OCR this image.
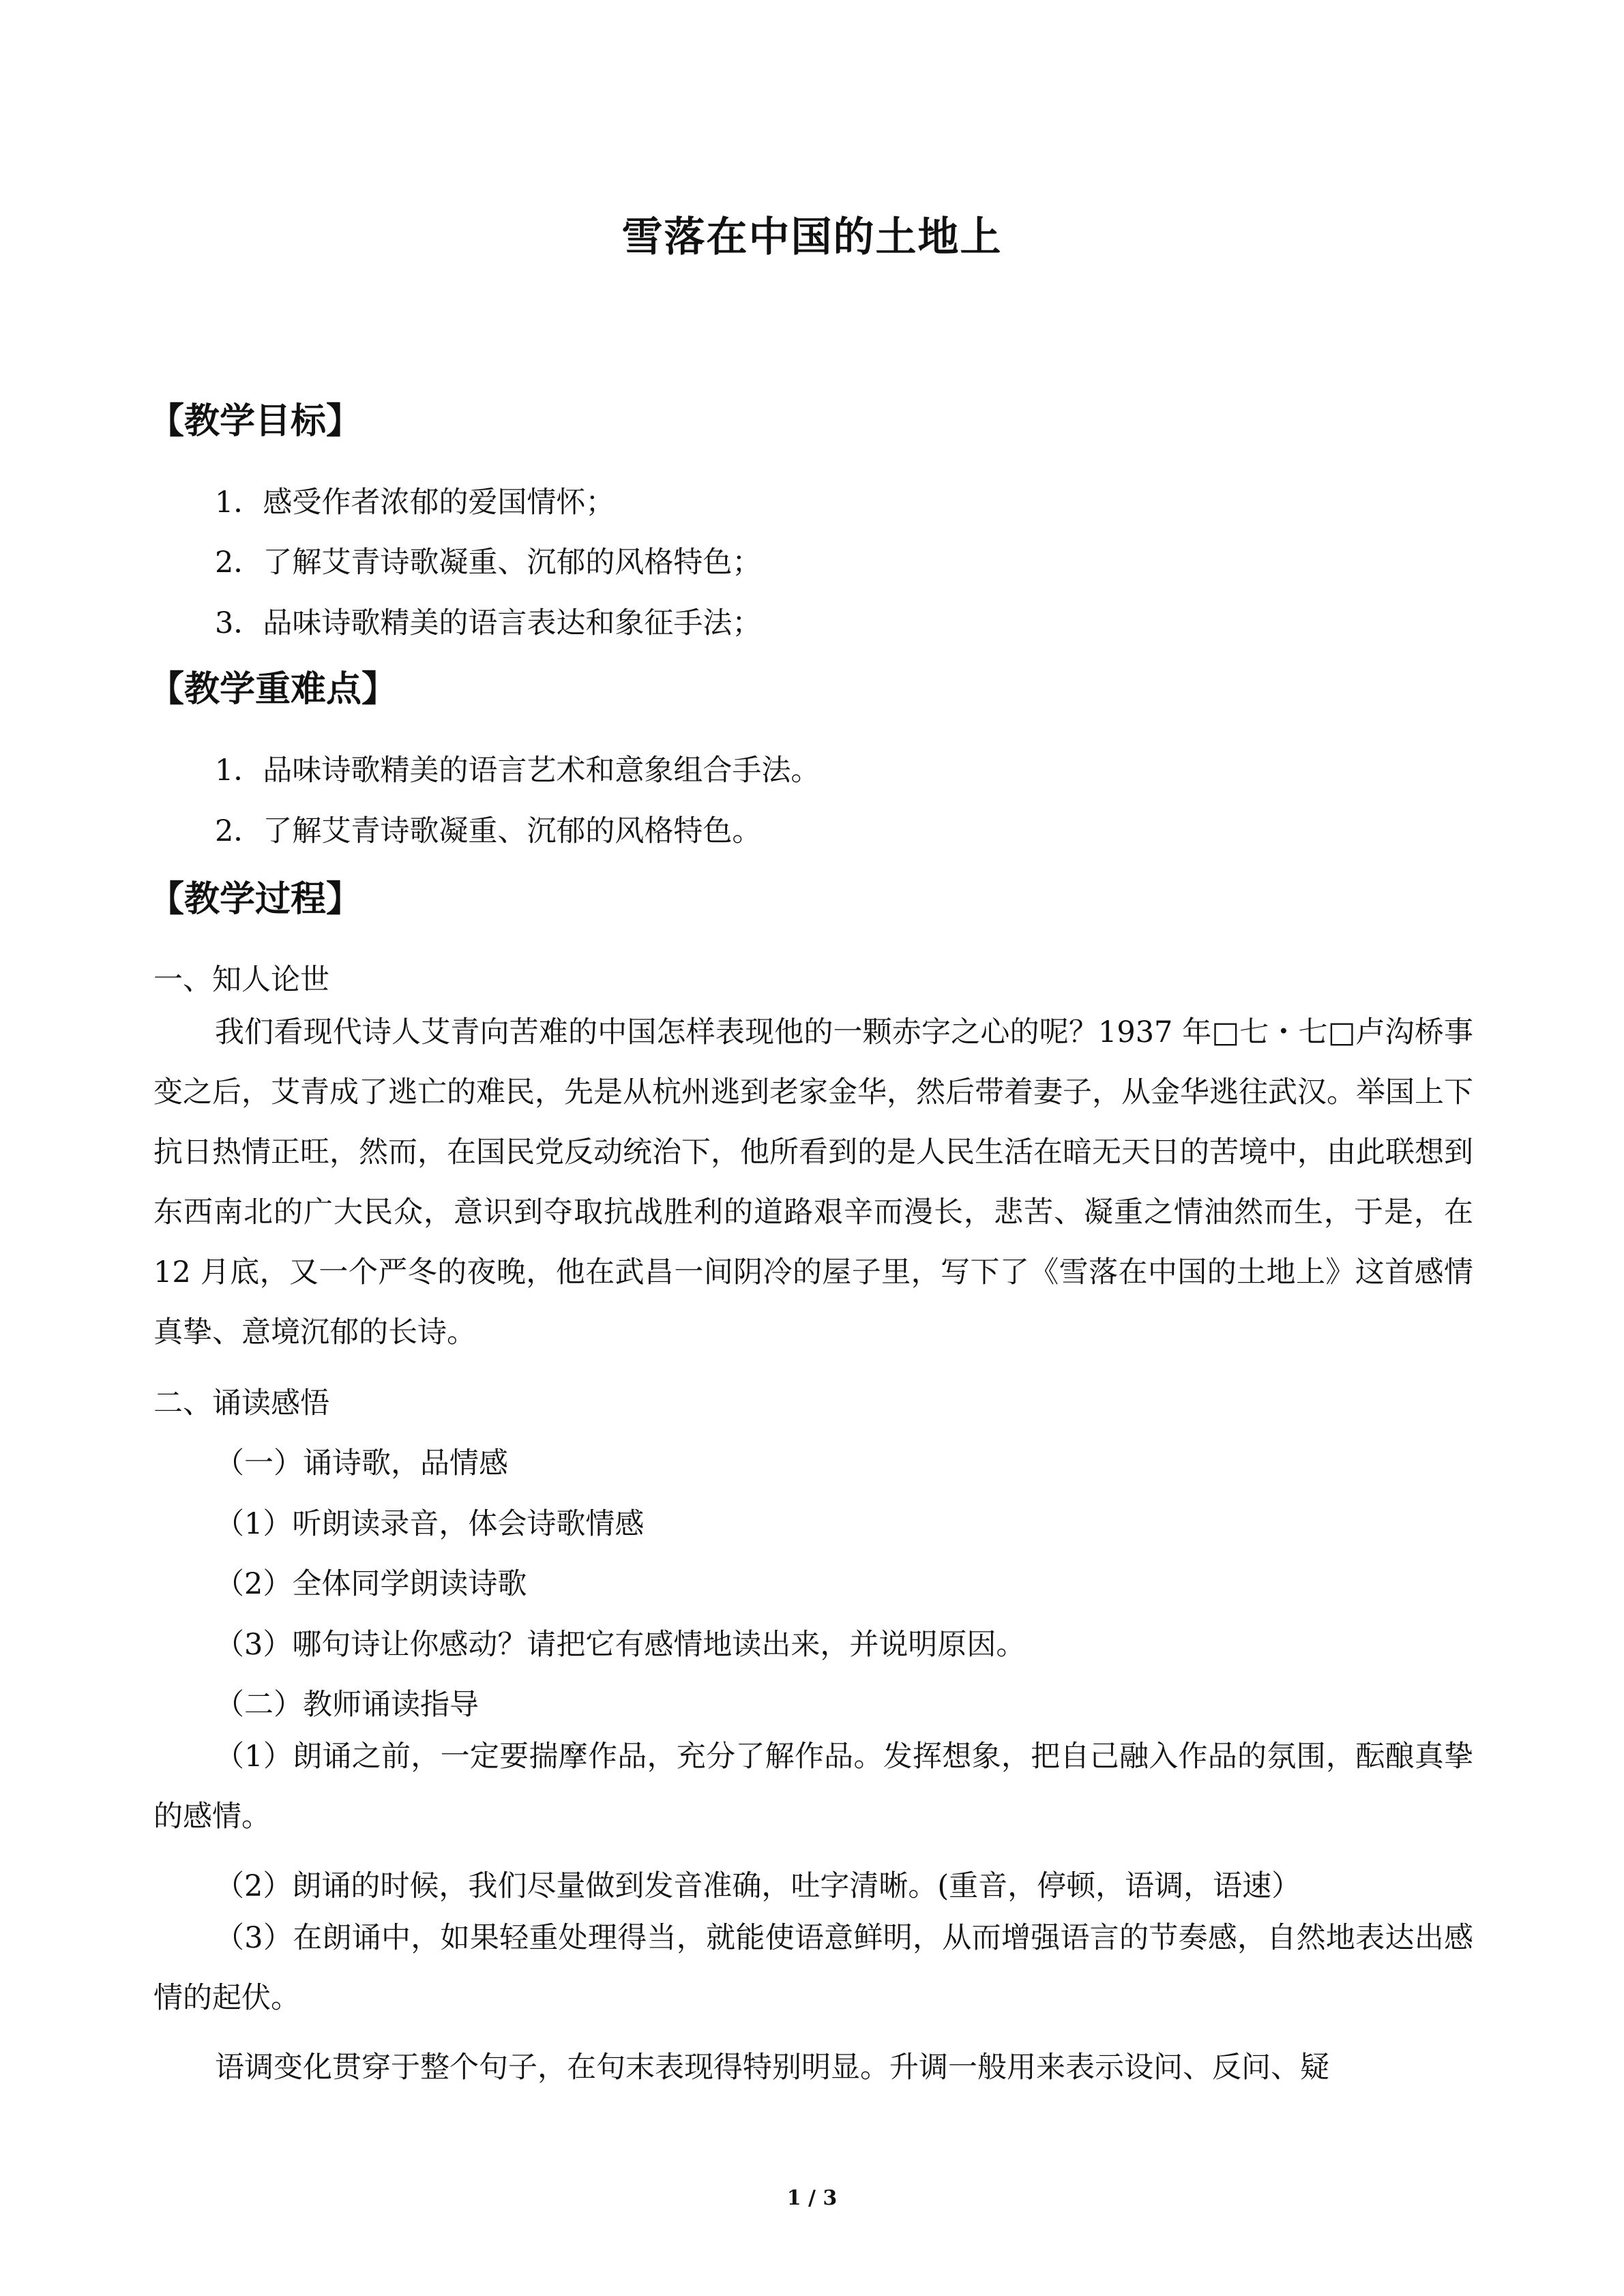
雪落在中国的土地上
【教学目标】

1．感受作者浓郁的爱国情怀；

2．了解艾青诗歌凝重、沉郁的风格特色；

3．品味诗歌精美的语言表达和象征手法；

【教学重难点】

1．品味诗歌精美的语言艺术和意象组合手法。

2．了解艾青诗歌凝重、沉郁的风格特色。

【教学过程】

一、知人论世

我们看现代诗人艾青向苦难的中国怎样表现他的一颗赤字之心的呢？1937 年□七・七□卢沟桥事变之后，艾青成了逃亡的难民，先是从杭州逃到老家金华，然后带着妻子，从金华逃往武汉。举国上下抗日热情正旺，然而，在国民党反动统治下，他所看到的是人民生活在暗无天日的苦境中，由此联想到东西南北的广大民众，意识到夺取抗战胜利的道路艰辛而漫长，悲苦、凝重之情油然而生，于是，在 12 月底，又一个严冬的夜晚，他在武昌一间阴冷的屋子里，写下了《雪落在中国的土地上》这首感情真挚、意境沉郁的长诗。

二、诵读感悟

（一）诵诗歌，品情感

（1）听朗读录音，体会诗歌情感

（2）全体同学朗读诗歌

（3）哪句诗让你感动？请把它有感情地读出来，并说明原因。

（二）教师诵读指导

（1）朗诵之前，一定要揣摩作品，充分了解作品。发挥想象，把自己融入作品的氛围，酝酿真挚的感情。

（2）朗诵的时候，我们尽量做到发音准确，吐字清晰。(重音，停顿，语调，语速）

（3）在朗诵中，如果轻重处理得当，就能使语意鲜明，从而增强语言的节奏感，自然地表达出感情的起伏。

语调变化贯穿于整个句子，在句末表现得特别明显。升调一般用来表示设问、反问、疑

1 / 3
